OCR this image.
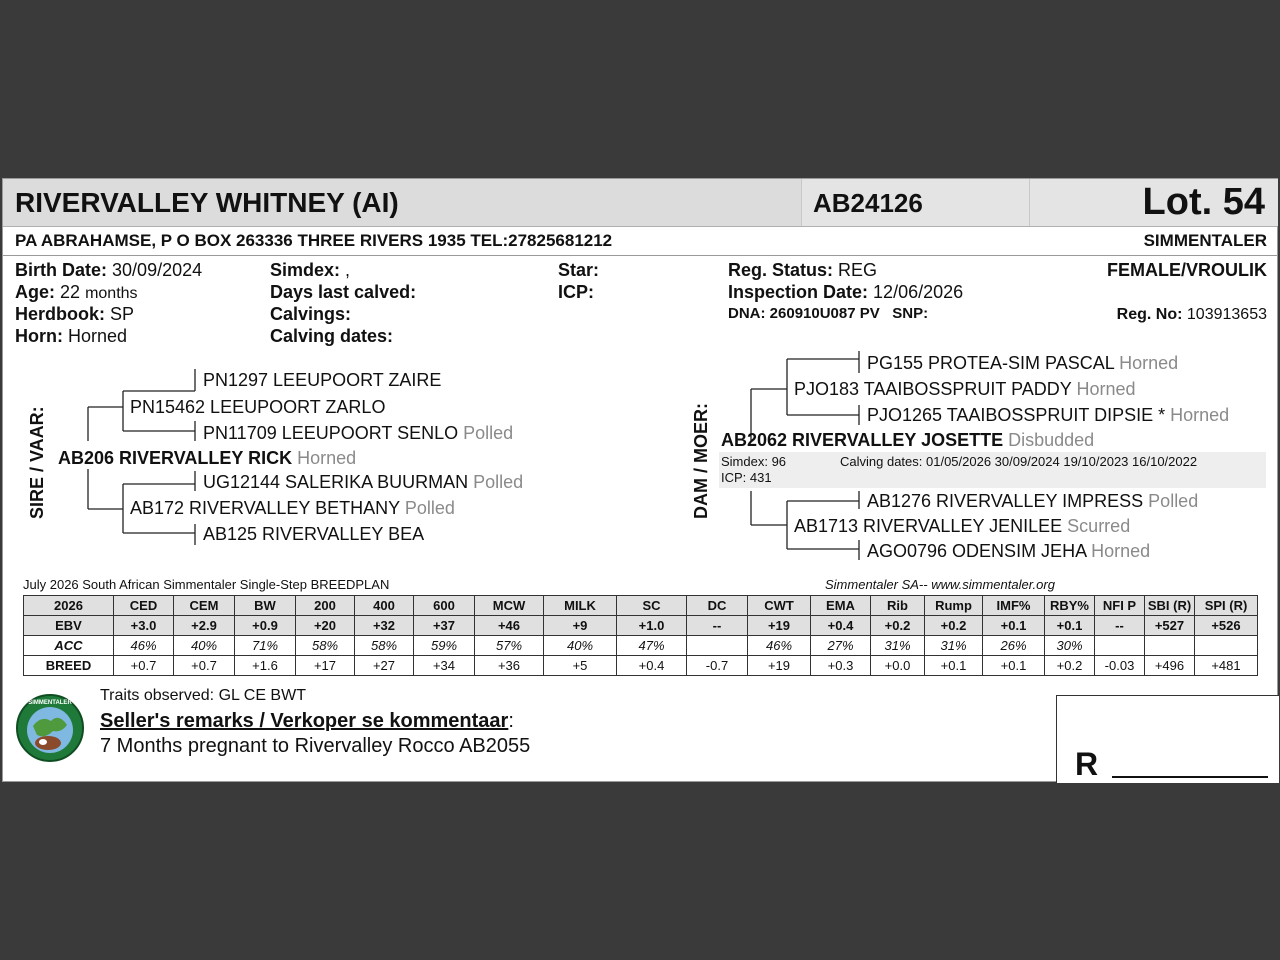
RIVERVALLEY WHITNEY (AI)	AB24126	Lot. 54
PA ABRAHAMSE, P O BOX 263336 THREE RIVERS 1935 TEL:27825681212	SIMMENTALER
Birth Date: 30/09/2024
Age: 22 months
Herdbook: SP
Horn: Horned
Simdex: ,
Days last calved:
Calvings:
Calving dates:
Star:
ICP:
Reg. Status: REG
Inspection Date: 12/06/2026
DNA: 260910U087 PV SNP:
FEMALE/VROULIK
Reg. No: 103913653
SIRE / VAAR:
PN1297 LEEUPOORT ZAIRE
PN15462 LEEUPOORT ZARLO
PN11709 LEEUPOORT SENLO Polled
AB206 RIVERVALLEY RICK Horned
UG12144 SALERIKA BUURMAN Polled
AB172 RIVERVALLEY BETHANY Polled
AB125 RIVERVALLEY BEA
DAM / MOER:
PG155 PROTEA-SIM PASCAL Horned
PJO183 TAAIBOSSPRUIT PADDY Horned
PJO1265 TAAIBOSSPRUIT DIPSIE * Horned
AB2062 RIVERVALLEY JOSETTE Disbudded
Simdex: 96
ICP: 431
Calving dates: 01/05/2026 30/09/2024 19/10/2023 16/10/2022
AB1276 RIVERVALLEY IMPRESS Polled
AB1713 RIVERVALLEY JENILEE Scurred
AGO0796 ODENSIM JEHA Horned
July 2026 South African Simmentaler Single-Step BREEDPLAN	Simmentaler SA-- www.simmentaler.org
2026	CED	CEM	BW	200	400	600	MCW	MILK	SC	DC	CWT	EMA	Rib	Rump	IMF%	RBY%	NFI P	SBI (R)	SPI (R)
EBV	+3.0	+2.9	+0.9	+20	+32	+37	+46	+9	+1.0	--	+19	+0.4	+0.2	+0.2	+0.1	+0.1	--	+527	+526
ACC	46%	40%	71%	58%	58%	59%	57%	40%	47%		46%	27%	31%	31%	26%	30%			
BREED	+0.7	+0.7	+1.6	+17	+27	+34	+36	+5	+0.4	-0.7	+19	+0.3	+0.0	+0.1	+0.1	+0.2	-0.03	+496	+481
SIMMENTALER Traits observed: GL CE BWT
Seller's remarks / Verkoper se kommentaar:
7 Months pregnant to Rivervalley Rocco AB2055	R
